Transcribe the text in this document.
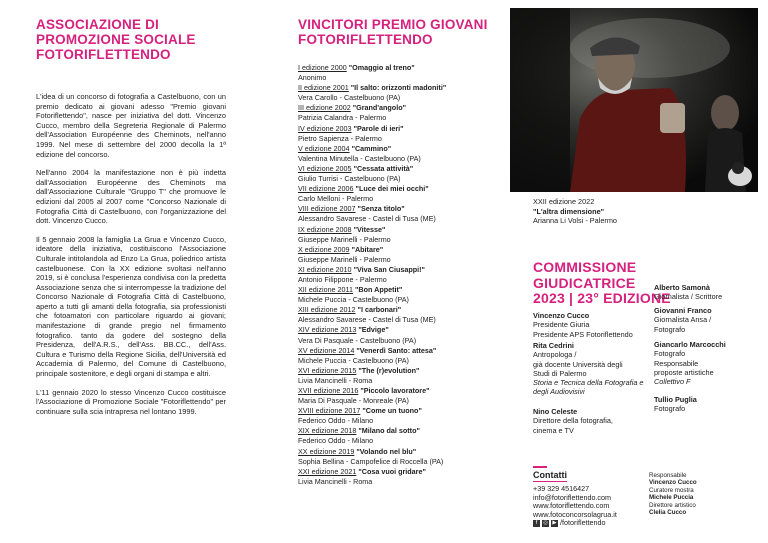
ASSOCIAZIONE DI
PROMOZIONE SOCIALE
FOTORIFLETTENDO

L'idea di un concorso di fotografia a Castelbuono, con un premio dedicato ai giovani adesso "Premio giovani Fotoriflettendo", nasce per iniziativa del dott. Vincenzo Cucco, membro della Segreteria Regionale di Palermo dell'Association Européenne des Cheminots, nell'anno 1999. Nel mese di settembre del 2000 decolla la 1ª edizione del concorso.

Nell'anno 2004 la manifestazione non è più indetta dall'Association Européenne des Cheminots ma dall'Associazione Culturale "Gruppo T" che promuove le edizioni dal 2005 al 2007 come "Concorso Nazionale di Fotografia Città di Castelbuono, con l'organizzazione del dott. Vincenzo Cucco.

Il 5 gennaio 2008 la famiglia La Grua e Vincenzo Cucco, ideatore della iniziativa, costituiscono l'Associazione Culturale intitolandola ad Enzo La Grua, poliedrico artista castelbuonese. Con la XX edizione svoltasi nell'anno 2019, si è conclusa l'esperienza condivisa con la predetta Associazione senza che si interrompesse la tradizione del Concorso Nazionale di Fotografia Città di Castelbuono, aperto a tutti gli amanti della fotografia, sia professionisti che fotoamatori con particolare riguardo ai giovani; manifestazione di grande pregio nel firmamento fotografico. tanto da godere del sostegno della Presidenza, dell'A.R.S., dell'Ass. BB.CC., dell'Ass. Cultura e Turismo della Regione Sicilia, dell'Università ed Accademia di Palermo, del Comune di Castelbuono, principale sostenitore, e degli organi di stampa e altri.

L'11 gennaio 2020 lo stesso Vincenzo Cucco costituisce l'Associazione di Promozione Sociale "Fotoriflettendo" per continuare sulla scia intrapresa nel lontano 1999.

VINCITORI PREMIO GIOVANI
FOTORIFLETTENDO
I edizione 2000 "Omaggio al treno"
Anonimo
II edizione 2001 "Il salto: orizzonti madoniti"
Vera Carollo - Castelbuono (PA)
III edizione 2002 "Grand'angolo"
Patrizia Calandra - Palermo
IV edizione 2003 "Parole di ieri"
Pietro Sapienza - Palermo
V edizione 2004 "Cammino"
Valentina Minutella - Castelbuono (PA)
VI edizione 2005 "Cessata attività"
Giulio Turrisi - Castelbuono (PA)
VII edizione 2006 "Luce dei miei occhi"
Carlo Melloni - Palermo
VIII edizione 2007 "Senza titolo"
Alessandro Savarese - Castel di Tusa (ME)
IX edizione 2008 "Vitesse"
Giuseppe Marinelli - Palermo
X edizione 2009 "Abitare"
Giuseppe Marinelli - Palermo
XI edizione 2010 "Viva San Ciusappi!"
Antonio Filippone - Palermo
XII edizione 2011 "Bon Appetit"
Michele Puccia - Castelbuono (PA)
XIII edizione 2012 "I carbonari"
Alessandro Savarese - Castel di Tusa (ME)
XIV edizione 2013 "Edvige"
Vera Di Pasquale - Castelbuono (PA)
XV edizione 2014 "Venerdì Santo: attesa"
Michele Puccia - Castelbuono (PA)
XVI edizione 2015 "The (r)evolution"
Livia Mancinelli - Roma
XVII edizione 2016 "Piccolo lavoratore"
Maria Di Pasquale - Monreale (PA)
XVIII edizione 2017 "Come un tuono"
Federico Oddo - Milano
XIX edizione 2018 "Milano dal sotto"
Federico Oddo - Milano
XX edizione 2019 "Volando nel blu"
Sophia Bellina - Campofelice di Roccella (PA)
XXI edizione 2021 "Cosa vuoi gridare"
Livia Mancinelli - Roma
XXII edizione 2022
"L'altra dimensione"
Arianna Li Volsi - Palermo
COMMISSIONE GIUDICATRICE
2023 | 23° EDIZIONE
Vincenzo Cucco
Presidente Giuria
Presidente APS Fotoriflettendo
Rita Cedrini
Antropologa /
già docente Università degli
Studi di Palermo
Storia e Tecnica della Fotografia e
degli Audiovisivi
Nino Celeste
Direttore della fotografia,
cinema e TV
Alberto Samonà
Giornalista / Scrittore
Giovanni Franco
Giornalista Ansa /
Fotografo
Giancarlo Marcocchi
Fotografo
Responsabile
proposte artistiche
Collettivo F
Tullio Puglia
Fotografo
Contatti
+39 329 4516427
info@fotoriflettendo.com
www.fotoriflettendo.com
www.fotoconcorsolagrua.it
f	◎ ▶ /fotoriflettendo
Responsabile
Vincenzo Cucco
Curatore mostra
Michele Puccia
Direttore artistico
Clelia Cucco
